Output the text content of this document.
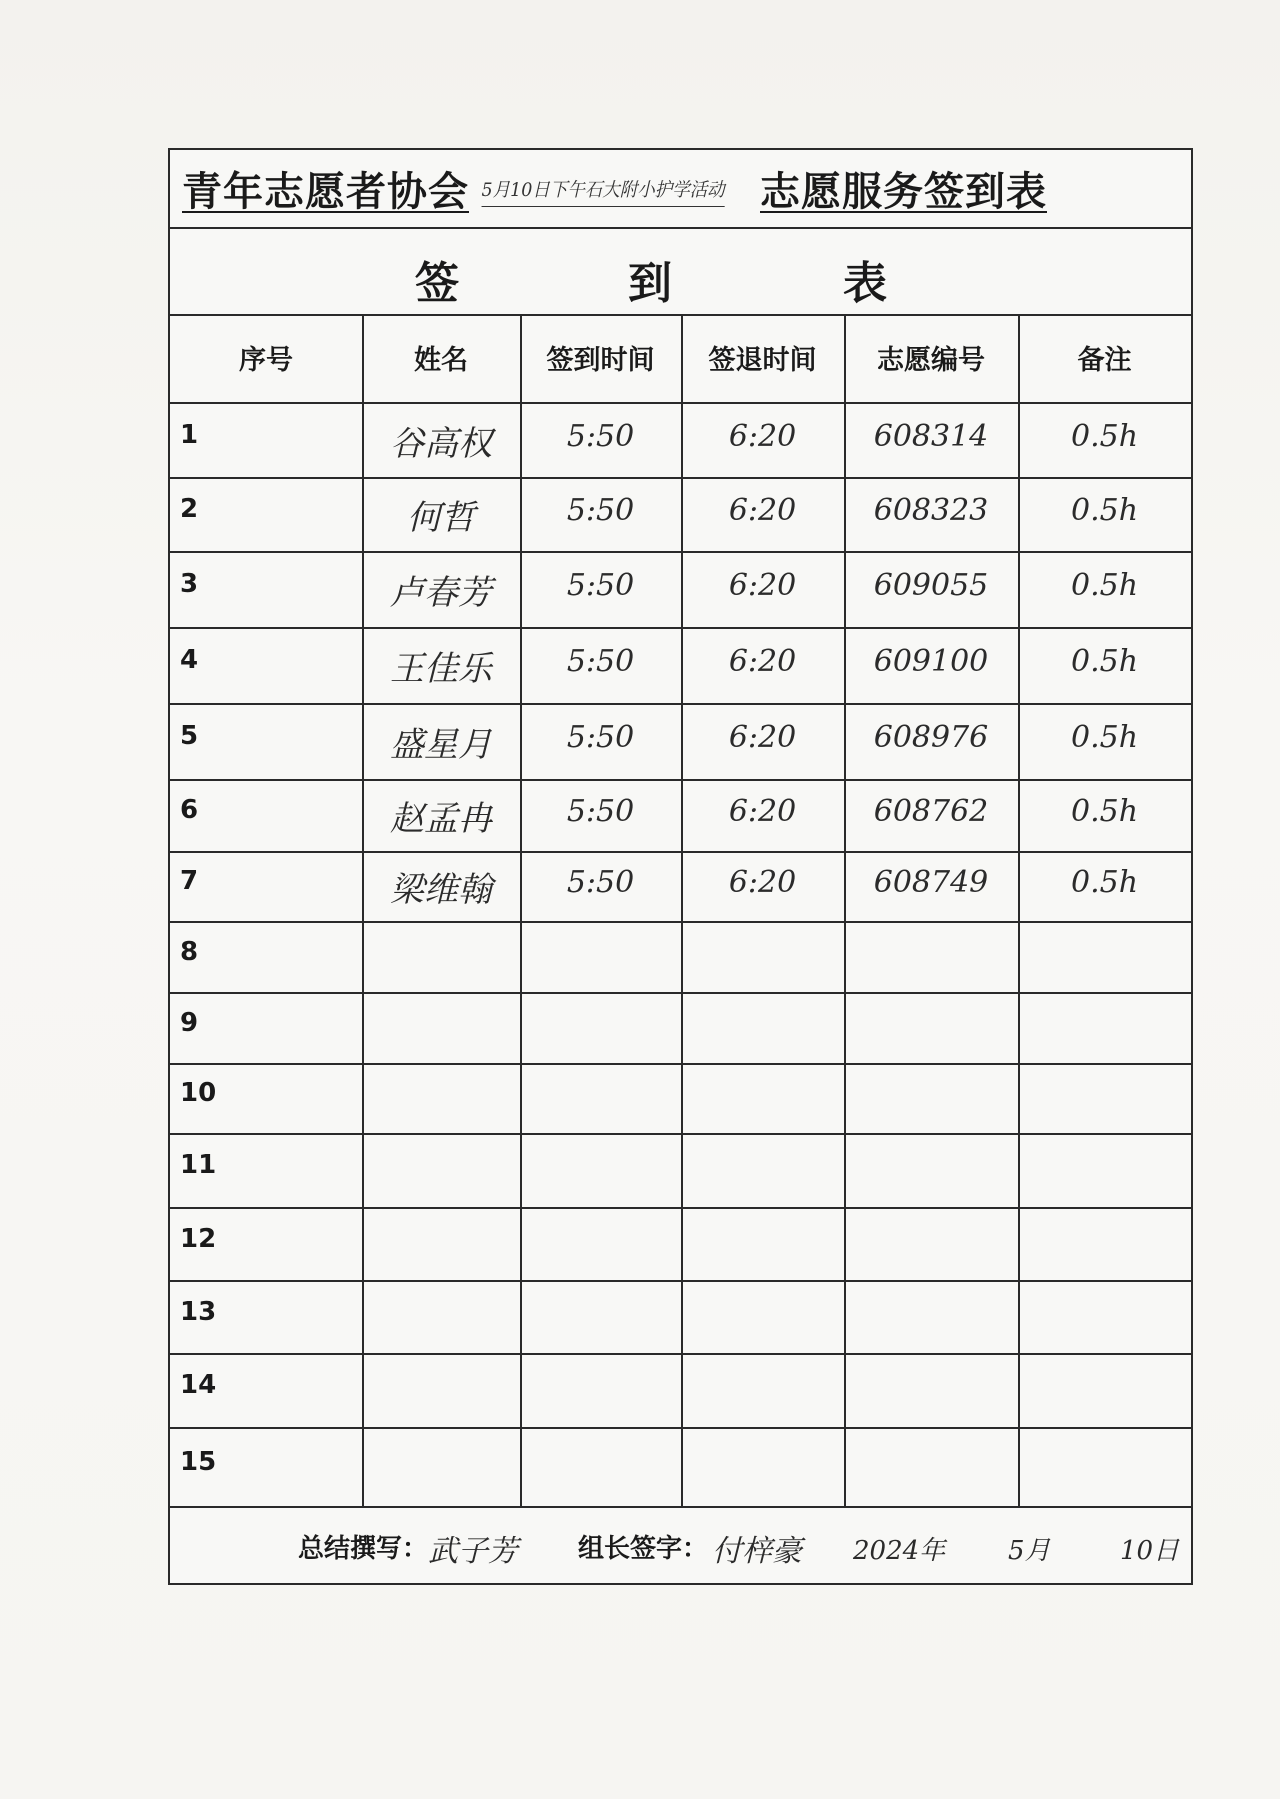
青年志愿者协会 5月10日下午石大附小护学活动 志愿服务签到表
签	到	表
总结撰写： 武子芳 组长签字： 付梓豪 2024年 5月	10日
序号	姓名	签到时间	签退时间	志愿编号	备注
1	谷高权	5:50	6:20	608314	0.5h
2	何哲	5:50	6:20	608323	0.5h
3	卢春芳	5:50	6:20	609055	0.5h
4	王佳乐	5:50	6:20	609100	0.5h
5	盛星月	5:50	6:20	608976	0.5h
6	赵孟冉	5:50	6:20	608762	0.5h
7	梁维翰	5:50	6:20	608749	0.5h
8
9
10
11
12
13
14
15
